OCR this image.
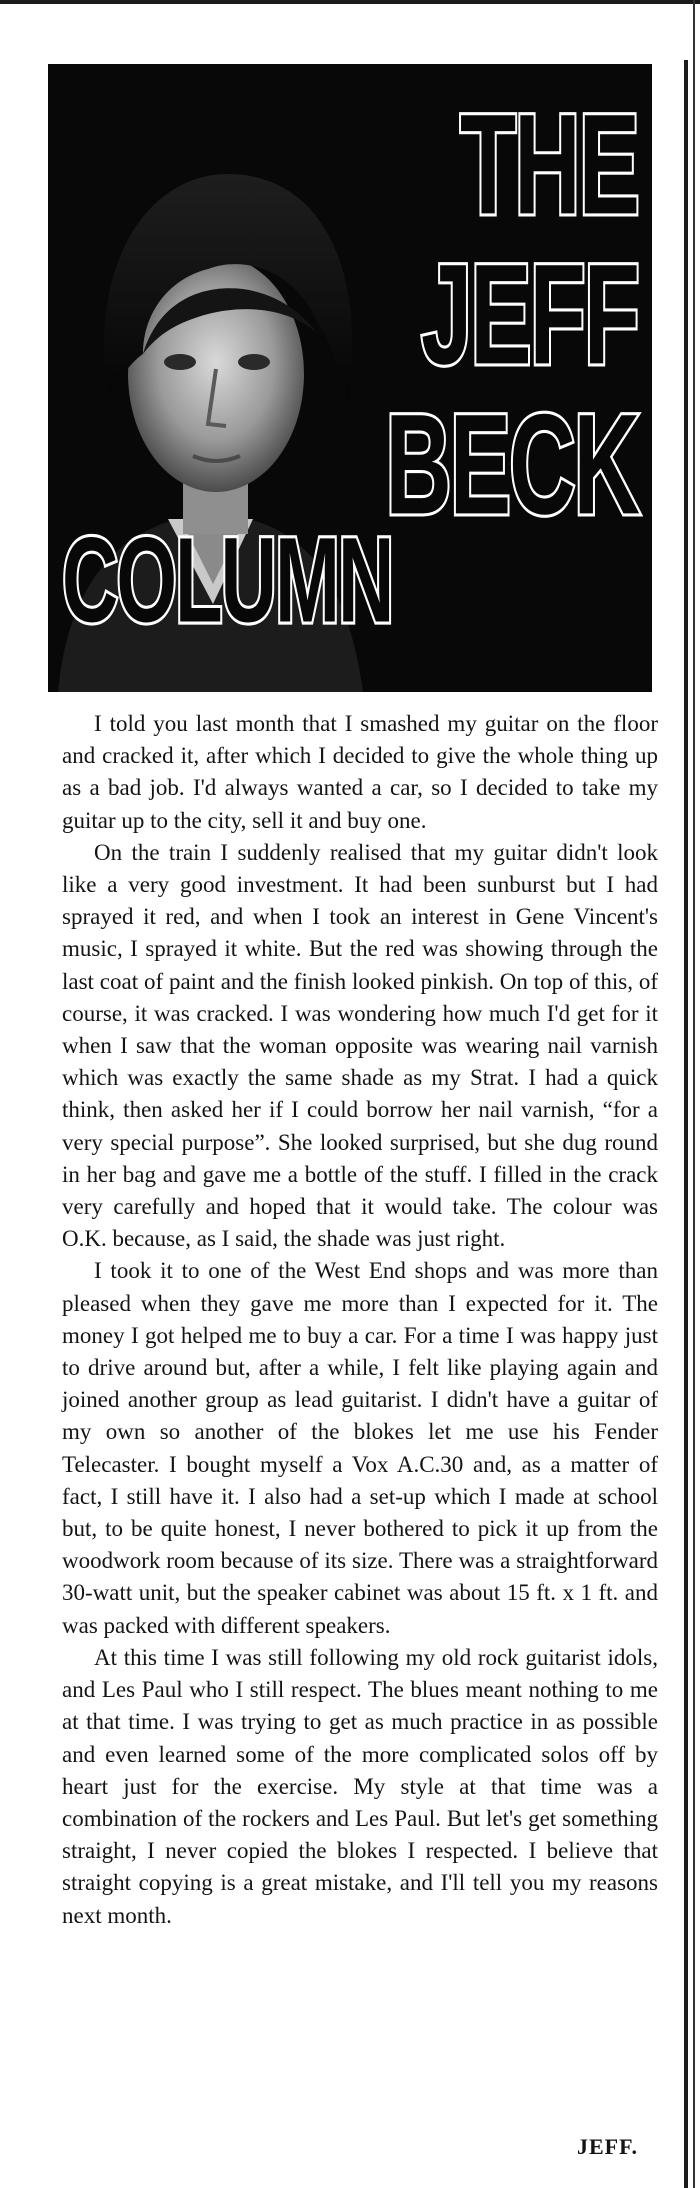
THE
JEFF
BECK
COLUMN

I told you last month that I smashed my guitar on the floor and cracked it, after which I decided to give the whole thing up as a bad job. I'd always wanted a car, so I decided to take my guitar up to the city, sell it and buy one.

On the train I suddenly realised that my guitar didn't look like a very good investment. It had been sunburst but I had sprayed it red, and when I took an interest in Gene Vincent's music, I sprayed it white. But the red was showing through the last coat of paint and the finish looked pinkish. On top of this, of course, it was cracked. I was wondering how much I'd get for it when I saw that the woman opposite was wearing nail varnish which was exactly the same shade as my Strat. I had a quick think, then asked her if I could borrow her nail varnish, “for a very special purpose”. She looked surprised, but she dug round in her bag and gave me a bottle of the stuff. I filled in the crack very carefully and hoped that it would take. The colour was O.K. because, as I said, the shade was just right.

I took it to one of the West End shops and was more than pleased when they gave me more than I expected for it. The money I got helped me to buy a car. For a time I was happy just to drive around but, after a while, I felt like playing again and joined another group as lead guitarist. I didn't have a guitar of my own so another of the blokes let me use his Fender Telecaster. I bought myself a Vox A.C.30 and, as a matter of fact, I still have it. I also had a set-up which I made at school but, to be quite honest, I never bothered to pick it up from the woodwork room because of its size. There was a straightforward 30-watt unit, but the speaker cabinet was about 15 ft. x 1 ft. and was packed with different speakers.

At this time I was still following my old rock guitarist idols, and Les Paul who I still respect. The blues meant nothing to me at that time. I was trying to get as much practice in as possible and even learned some of the more complicated solos off by heart just for the exercise. My style at that time was a combination of the rockers and Les Paul. But let's get something straight, I never copied the blokes I respected. I believe that straight copying is a great mistake, and I'll tell you my reasons next month.

JEFF.
